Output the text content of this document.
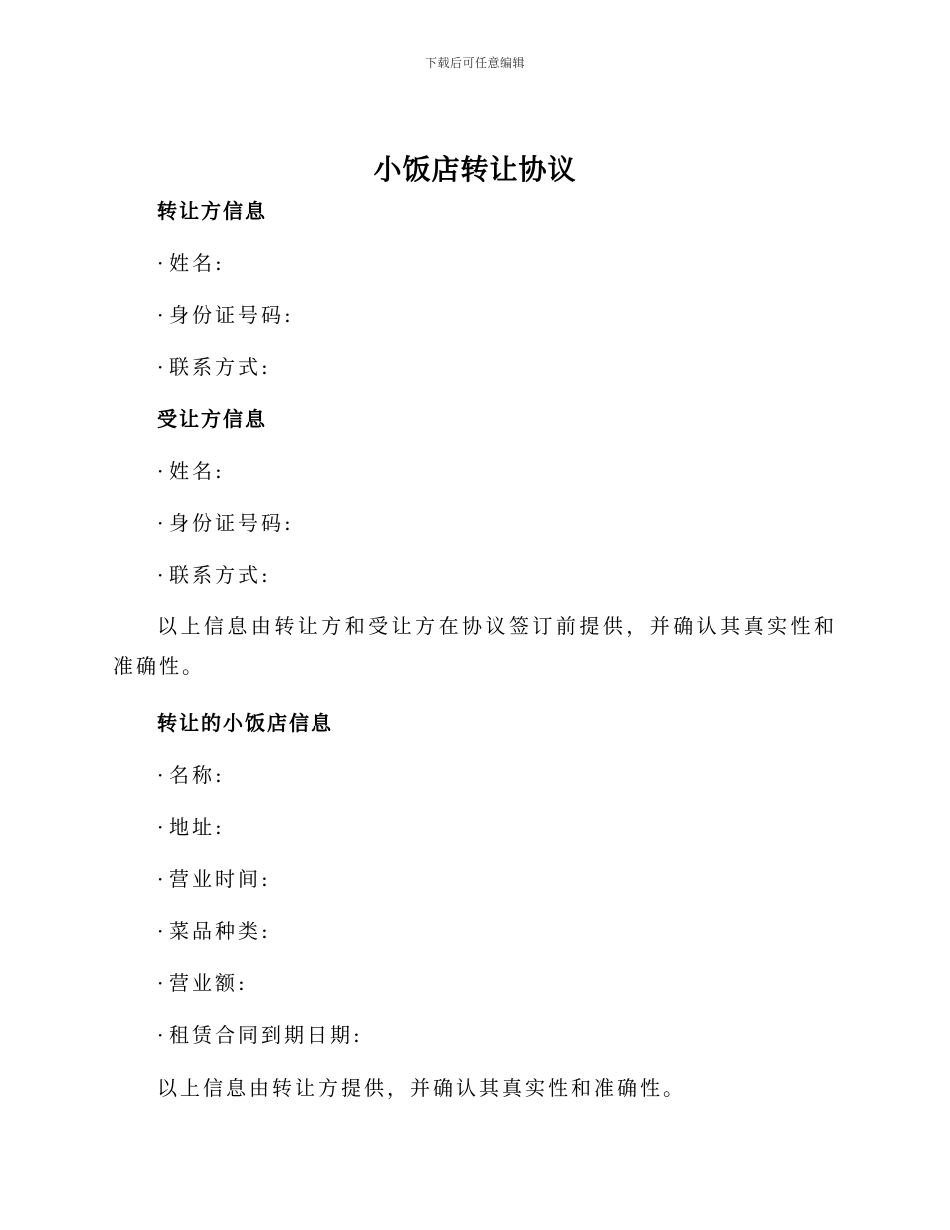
下载后可任意编辑
小饭店转让协议
转让方信息
· 姓名:
· 身份证号码:
· 联系方式:
受让方信息
· 姓名:
· 身份证号码:
· 联系方式:

以上信息由转让方和受让方在协议签订前提供，并确认其真实性和准确性。

转让的小饭店信息
· 名称:
· 地址:
· 营业时间:
· 菜品种类:
· 营业额:
· 租赁合同到期日期:

以上信息由转让方提供，并确认其真实性和准确性。
